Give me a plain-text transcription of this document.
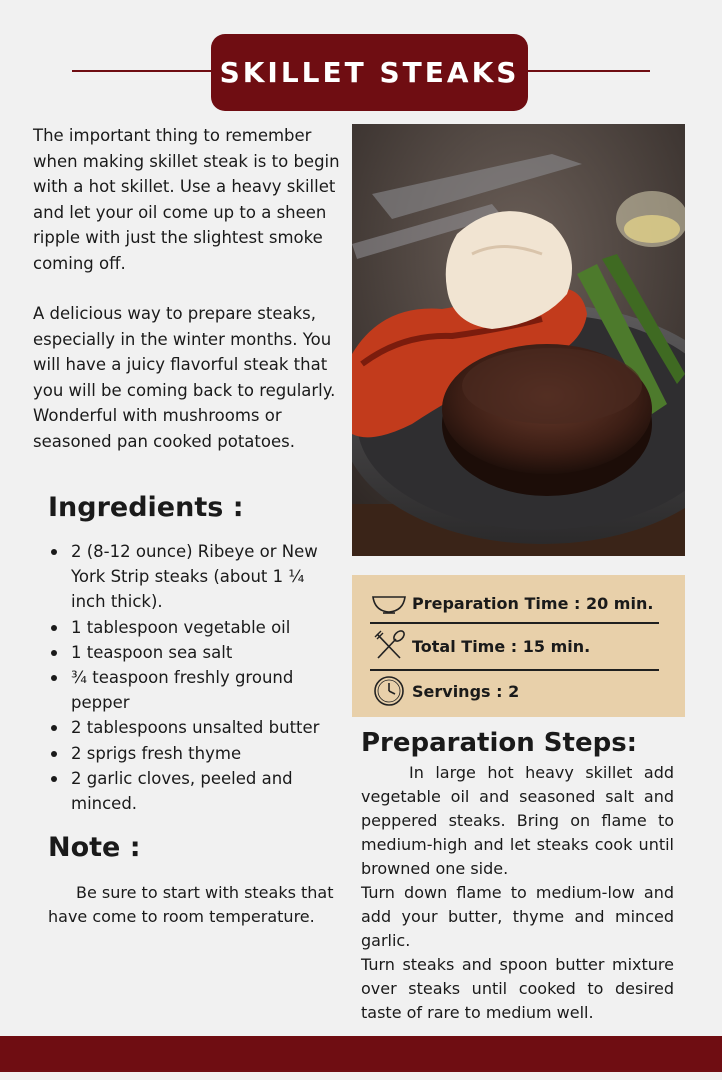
SKILLET STEAKS

The important thing to remember when making skillet steak is to begin with a hot skillet. Use a heavy skillet and let your oil come up to a sheen ripple with just the slightest smoke coming off.

A delicious way to prepare steaks, especially in the winter months. You will have a juicy flavorful steak that you will be coming back to regularly. Wonderful with mushrooms or seasoned pan cooked potatoes.

Ingredients :
2 (8-12 ounce) Ribeye or New York Strip steaks (about 1 ¼ inch thick).
1 tablespoon vegetable oil
1 teaspoon sea salt
¾ teaspoon freshly ground pepper
2 tablespoons unsalted butter
2 sprigs fresh thyme
2 garlic cloves, peeled and minced.
Note :

Be sure to start with steaks that have come to room temperature.

Preparation Time : 20 min.
Total Time : 15 min.
Servings : 2
Preparation Steps:

In large hot heavy skillet add vegetable oil and seasoned salt and peppered steaks. Bring on flame to medium-high and let steaks cook until browned one side.

Turn down flame to medium-low and add your butter, thyme and minced garlic.

Turn steaks and spoon butter mixture over steaks until cooked to desired taste of rare to medium well.
